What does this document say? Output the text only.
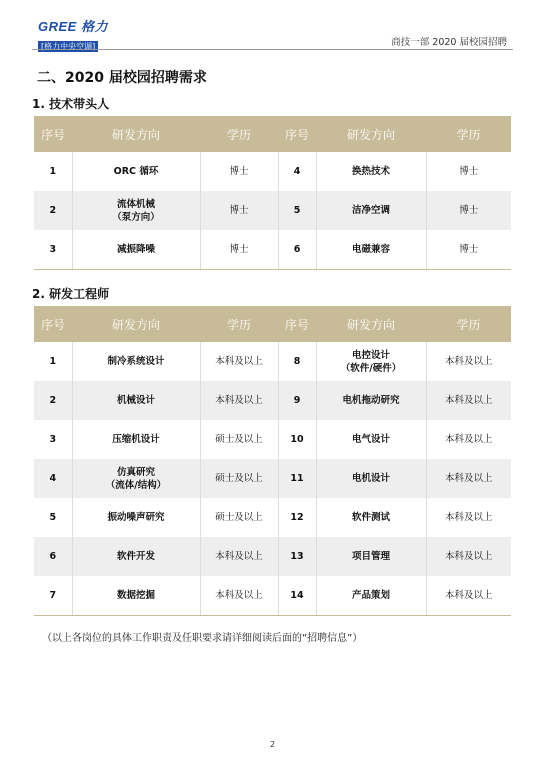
GREE 格力
[格力中央空调]	商技一部 2020 届校园招聘
二、2020 届校园招聘需求
1. 技术带头人
序号	研发方向	学历	序号	研发方向	学历
1	ORC 循环	博士	4	换热技术	博士
2	流体机械
（泵方向）	博士	5	洁净空调	博士
3	减振降噪	博士	6	电磁兼容	博士
2. 研发工程师
序号	研发方向	学历	序号	研发方向	学历
1	制冷系统设计	本科及以上	8	电控设计
（软件/硬件）	本科及以上
2	机械设计	本科及以上	9	电机拖动研究	本科及以上
3	压缩机设计	硕士及以上	10	电气设计	本科及以上
4	仿真研究
（流体/结构）	硕士及以上	11	电机设计	本科及以上
5	振动噪声研究	硕士及以上	12	软件测试	本科及以上
6	软件开发	本科及以上	13	项目管理	本科及以上
7	数据挖掘	本科及以上	14	产品策划	本科及以上
（以上各岗位的具体工作职责及任职要求请详细阅读后面的“招聘信息”）
2
